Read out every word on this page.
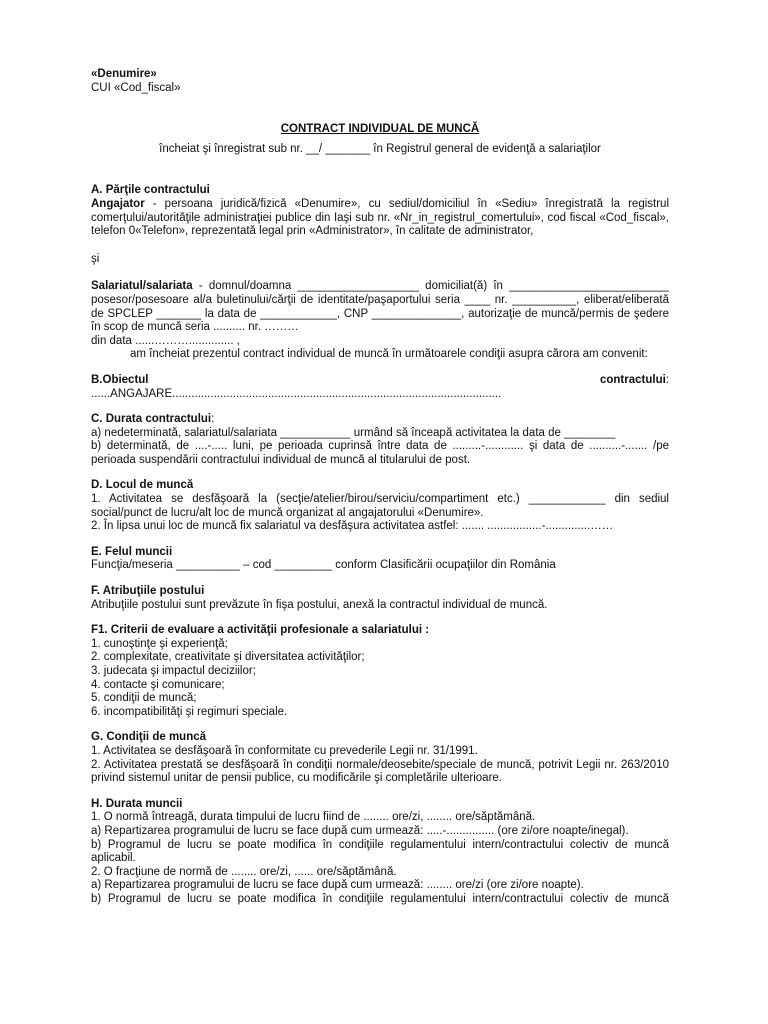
«Denumire»

CUI «Cod_fiscal»

CONTRACT INDIVIDUAL DE MUNCĂ

încheiat şi înregistrat sub nr. __/ _______ în Registrul general de evidenţă a salariaţilor

A. Părţile contractului

Angajator - persoana juridică/fizică «Denumire», cu sediul/domiciliul în «Sediu» înregistrată la registrul comerţului/autorităţile administraţiei publice din Iaşi sub nr. «Nr_in_registrul_comertului», cod fiscal «Cod_fiscal», telefon 0«Telefon», reprezentată legal prin «Administrator», în calitate de administrator,

şi

Salariatul/salariata - domnul/doamna ___________________ domiciliat(ă) în _________________________ posesor/posesoare al/a buletinului/cărţii de identitate/paşaportului seria ____ nr. __________, eliberat/eliberată de SPCLEP _______ la data de ____________, CNP ______________, autorizaţie de muncă/permis de şedere în scop de muncă seria .......... nr. ………

din data ......……….............. ,

am încheiat prezentul contract individual de muncă în următoarele condiţii asupra cărora am convenit:

B.Obiectul	contractului:

......ANGAJARE.......................................................................................................

C. Durata contractului:

a) nedeterminată, salariatul/salariata ___________ urmând să înceapă activitatea la data de ________

b) determinată, de ....-..... luni, pe perioada cuprinsă între data de .........-............ şi data de ..........-....... /pe perioada suspendării contractului individual de muncă al titularului de post.

D. Locul de muncă

1. Activitatea se desfăşoară la (secţie/atelier/birou/serviciu/compartiment etc.) ____________ din sediul social/punct de lucru/alt loc de muncă organizat al angajatorului «Denumire».

2. În lipsa unui loc de muncă fix salariatul va desfăşura activitatea astfel: ....... .................-..............……

E. Felul muncii

Funcţia/meseria __________ – cod _________ conform Clasificării ocupaţiilor din România

F. Atribuţiile postului

Atribuţiile postului sunt prevăzute în fişa postului, anexă la contractul individual de muncă.

F1. Criterii de evaluare a activităţii profesionale a salariatului :

1. cunoştinţe şi experienţă;

2. complexitate, creativitate şi diversitatea activităţilor;

3. judecata şi impactul deciziilor;

4. contacte şi comunicare;

5. condiţii de muncă;

6. incompatibilităţi şi regimuri speciale.

G. Condiţii de muncă

1. Activitatea se desfăşoară în conformitate cu prevederile Legii nr. 31/1991.

2. Activitatea prestată se desfăşoară în condiţii normale/deosebite/speciale de muncă, potrivit Legii nr. 263/2010 privind sistemul unitar de pensii publice, cu modificările şi completările ulterioare.

H. Durata muncii

1. O normă întreagă, durata timpului de lucru fiind de ........ ore/zi, ........ ore/săptămână.

a) Repartizarea programului de lucru se face după cum urmează: .....-............... (ore zi/ore noapte/inegal).

b) Programul de lucru se poate modifica în condiţiile regulamentului intern/contractului colectiv de muncă aplicabil.

2. O fracţiune de normă de ........ ore/zi, ...... ore/săptămână.

a) Repartizarea programului de lucru se face după cum urmează: ........ ore/zi (ore zi/ore noapte).

b) Programul de lucru se poate modifica în condiţiile regulamentului intern/contractului colectiv de muncă
